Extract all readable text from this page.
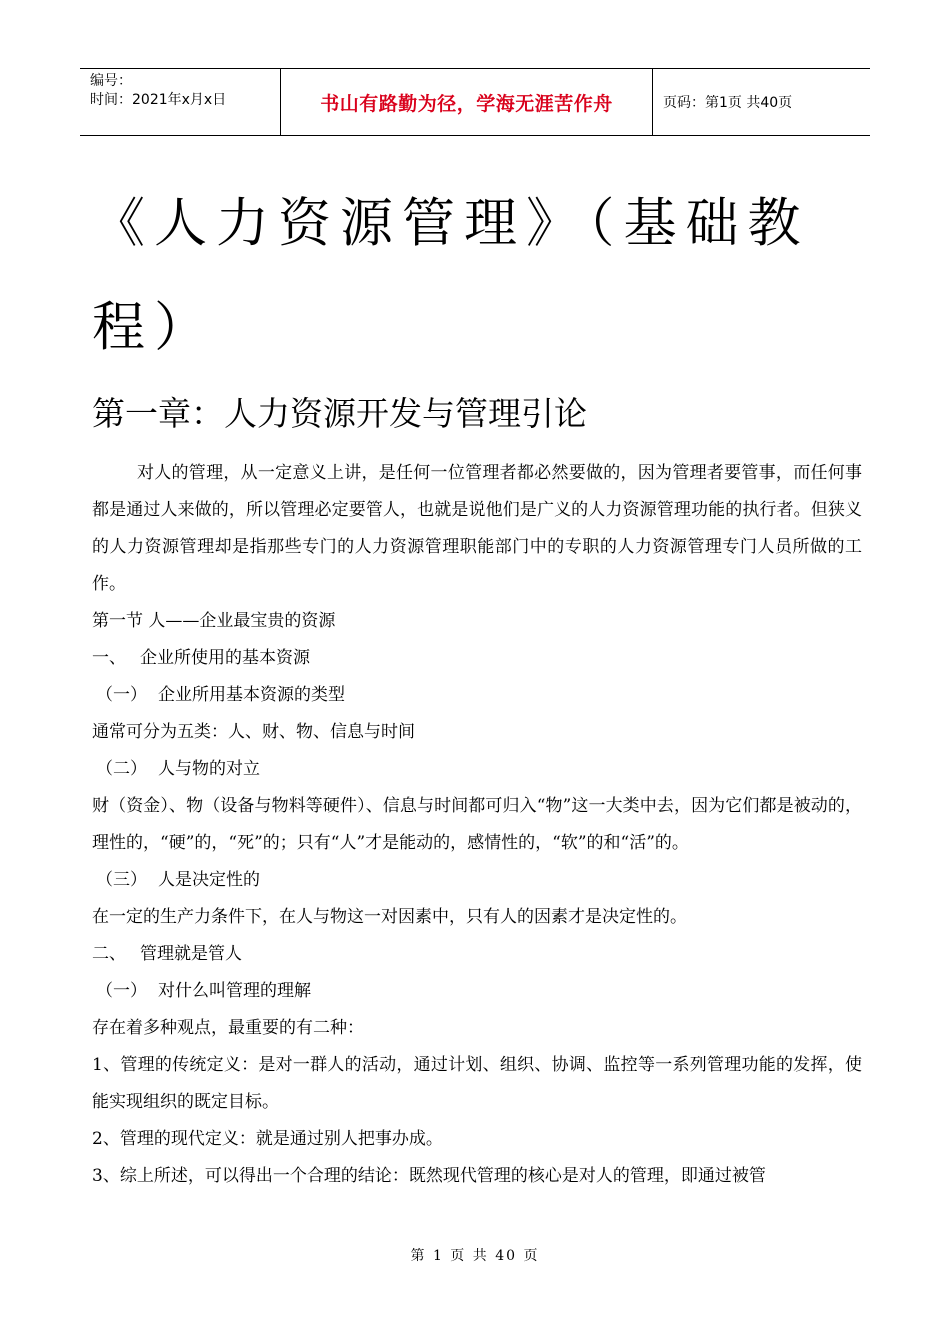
编号：
时间：2021年x月x日	书山有路勤为径，学海无涯苦作舟	页码：第1页 共40页
《人力资源管理》（基础教程）
第一章：人力资源开发与管理引论

对人的管理，从一定意义上讲，是任何一位管理者都必然要做的，因为管理者要管事，而任何事都是通过人来做的，所以管理必定要管人，也就是说他们是广义的人力资源管理功能的执行者。但狭义的人力资源管理却是指那些专门的人力资源管理职能部门中的专职的人力资源管理专门人员所做的工作。

第一节 人——企业最宝贵的资源

一、 企业所使用的基本资源

（一） 企业所用基本资源的类型

通常可分为五类：人、财、物、信息与时间

（二） 人与物的对立

财（资金）、物（设备与物料等硬件）、信息与时间都可归入“物”这一大类中去，因为它们都是被动的，理性的，“硬”的，“死”的；只有“人”才是能动的，感情性的，“软”的和“活”的。

（三） 人是决定性的

在一定的生产力条件下，在人与物这一对因素中，只有人的因素才是决定性的。

二、 管理就是管人

（一） 对什么叫管理的理解

存在着多种观点，最重要的有二种：

1、管理的传统定义：是对一群人的活动，通过计划、组织、协调、监控等一系列管理功能的发挥，使能实现组织的既定目标。

2、管理的现代定义：就是通过别人把事办成。

3、综上所述，可以得出一个合理的结论：既然现代管理的核心是对人的管理，即通过被管

第 1 页 共 40 页
